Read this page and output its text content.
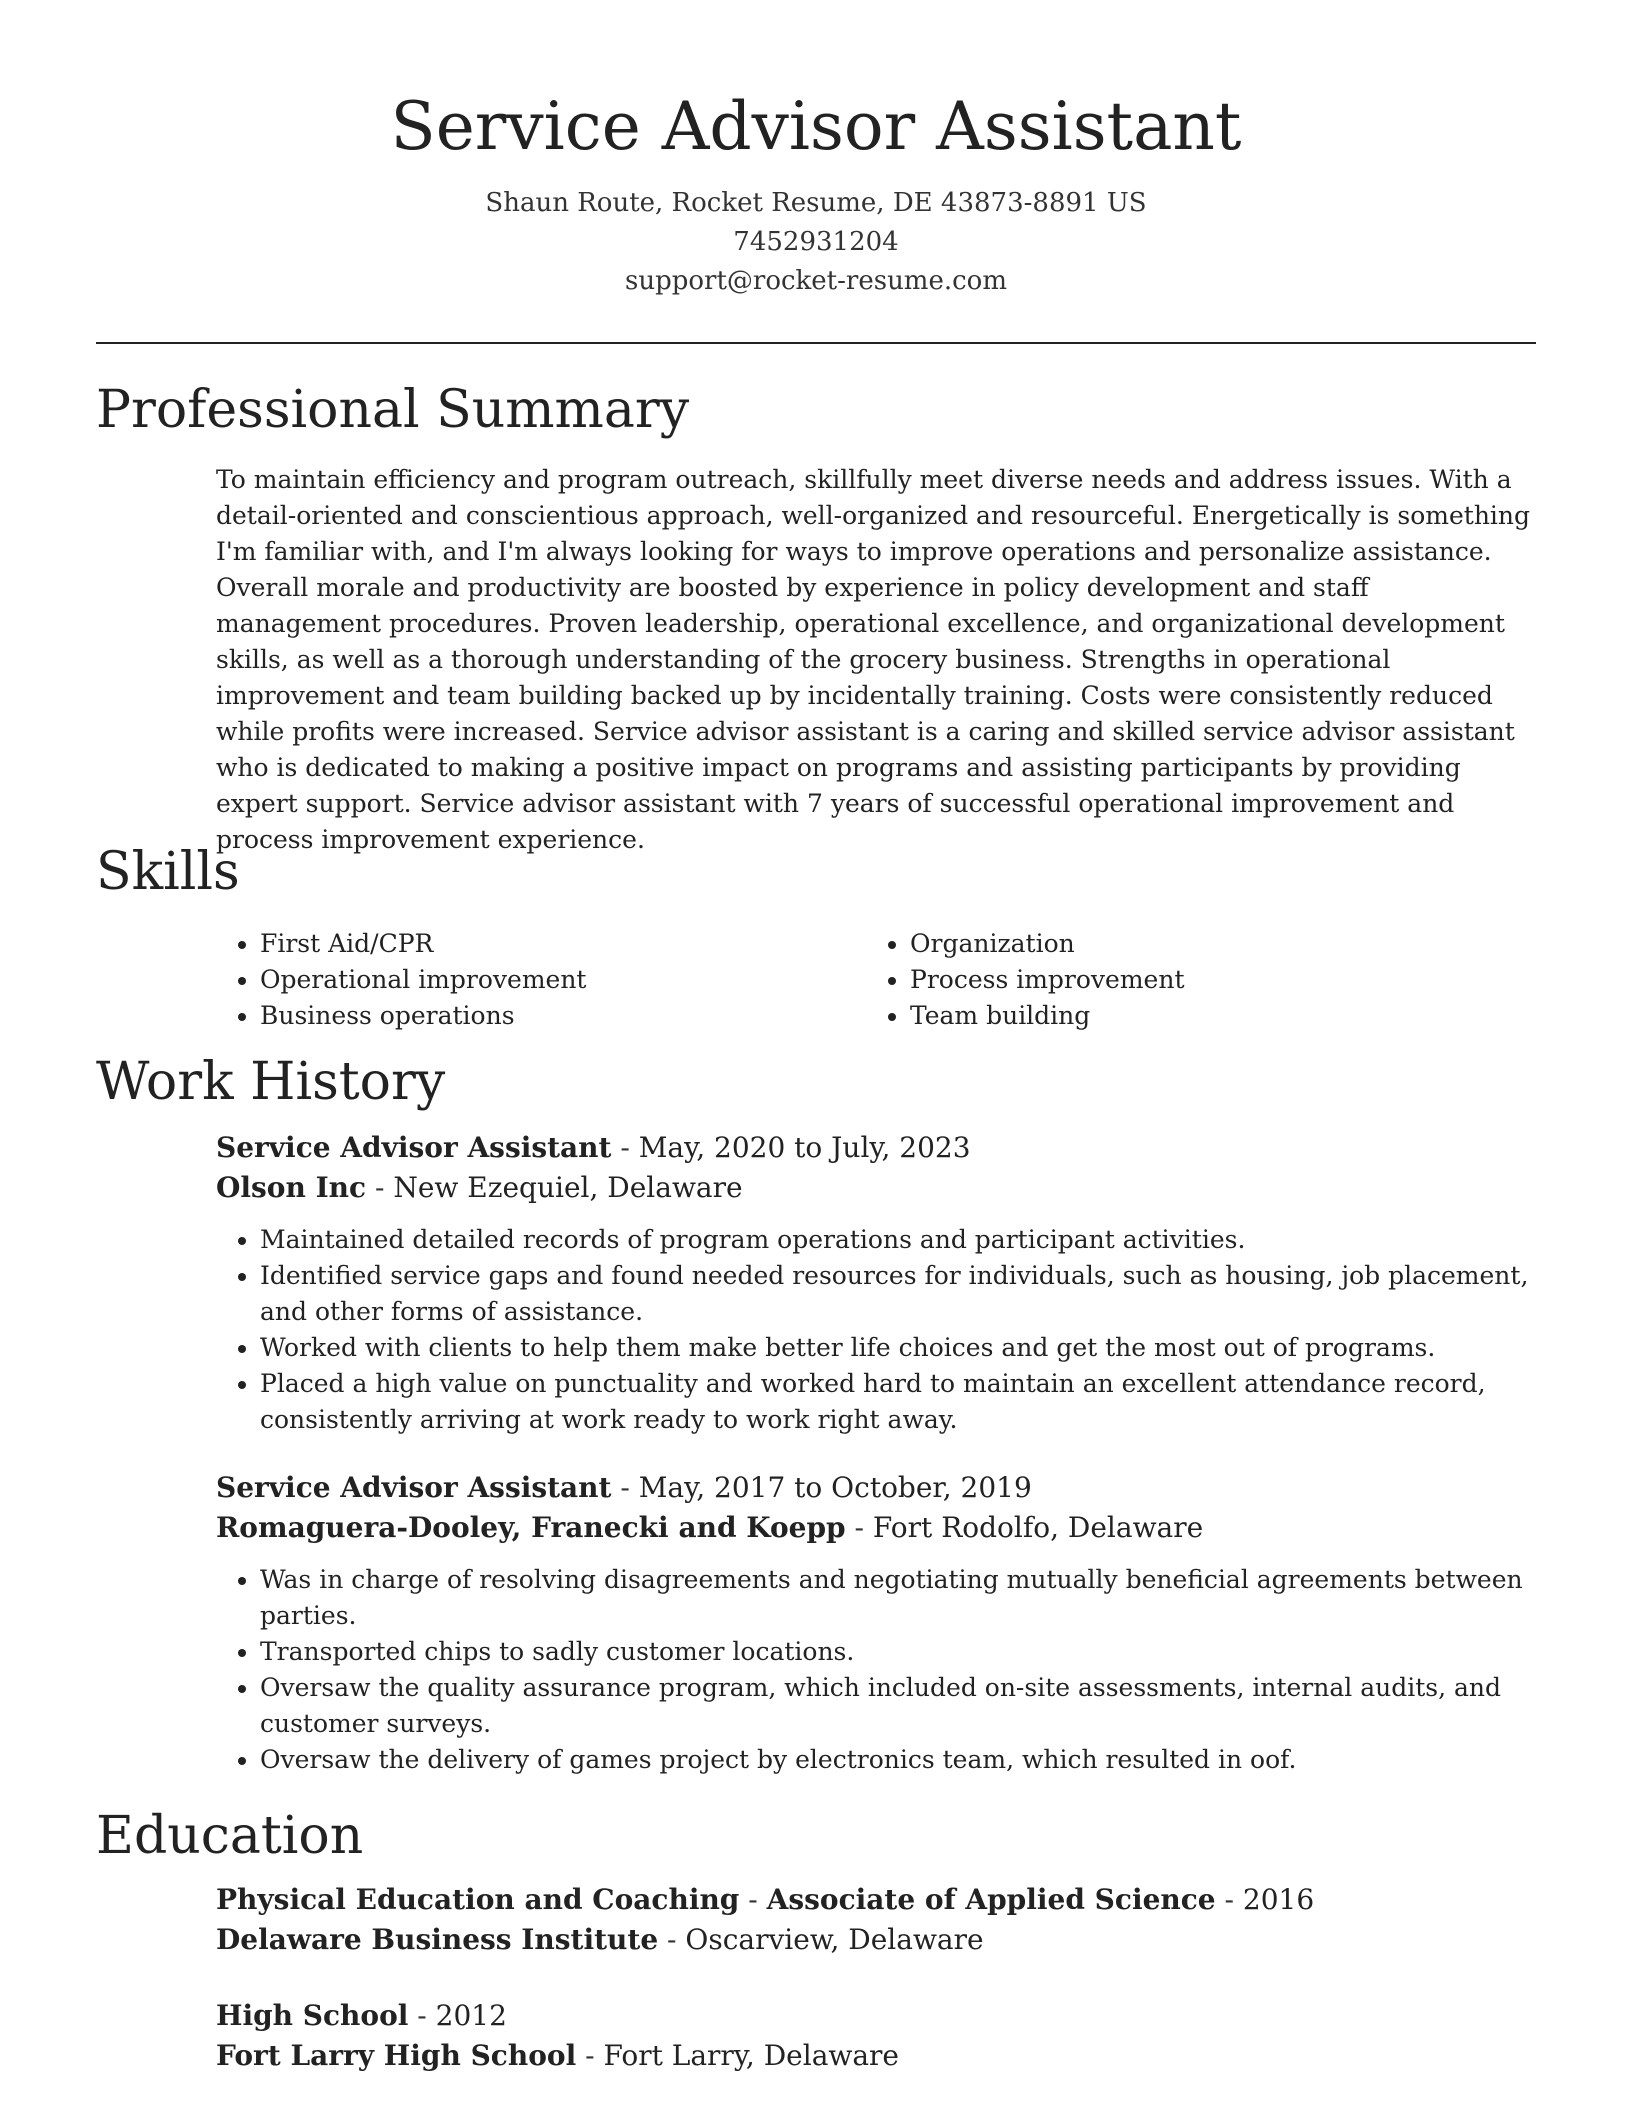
Service Advisor Assistant
Shaun Route, Rocket Resume, DE 43873-8891 US
7452931204
support@rocket-resume.com
Professional Summary

To maintain efficiency and program outreach, skillfully meet diverse needs and address issues. With a detail-oriented and conscientious approach, well-organized and resourceful. Energetically is something I'm familiar with, and I'm always looking for ways to improve operations and personalize assistance. Overall morale and productivity are boosted by experience in policy development and staff management procedures. Proven leadership, operational excellence, and organizational development skills, as well as a thorough understanding of the grocery business. Strengths in operational improvement and team building backed up by incidentally training. Costs were consistently reduced while profits were increased. Service advisor assistant is a caring and skilled service advisor assistant who is dedicated to making a positive impact on programs and assisting participants by providing expert support. Service advisor assistant with 7 years of successful operational improvement and process improvement experience.

Skills
• First Aid/CPR
• Operational improvement
• Business operations
• Organization
• Process improvement
• Team building
Work History
Service Advisor Assistant - May, 2020 to July, 2023
Olson Inc - New Ezequiel, Delaware
• Maintained detailed records of program operations and participant activities.
• Identified service gaps and found needed resources for individuals, such as housing, job placement, and other forms of assistance.
• Worked with clients to help them make better life choices and get the most out of programs.
• Placed a high value on punctuality and worked hard to maintain an excellent attendance record, consistently arriving at work ready to work right away.
Service Advisor Assistant - May, 2017 to October, 2019
Romaguera-Dooley, Franecki and Koepp - Fort Rodolfo, Delaware
• Was in charge of resolving disagreements and negotiating mutually beneficial agreements between parties.
• Transported chips to sadly customer locations.
• Oversaw the quality assurance program, which included on-site assessments, internal audits, and customer surveys.
• Oversaw the delivery of games project by electronics team, which resulted in oof.
Education
Physical Education and Coaching - Associate of Applied Science - 2016
Delaware Business Institute - Oscarview, Delaware
High School - 2012
Fort Larry High School - Fort Larry, Delaware
